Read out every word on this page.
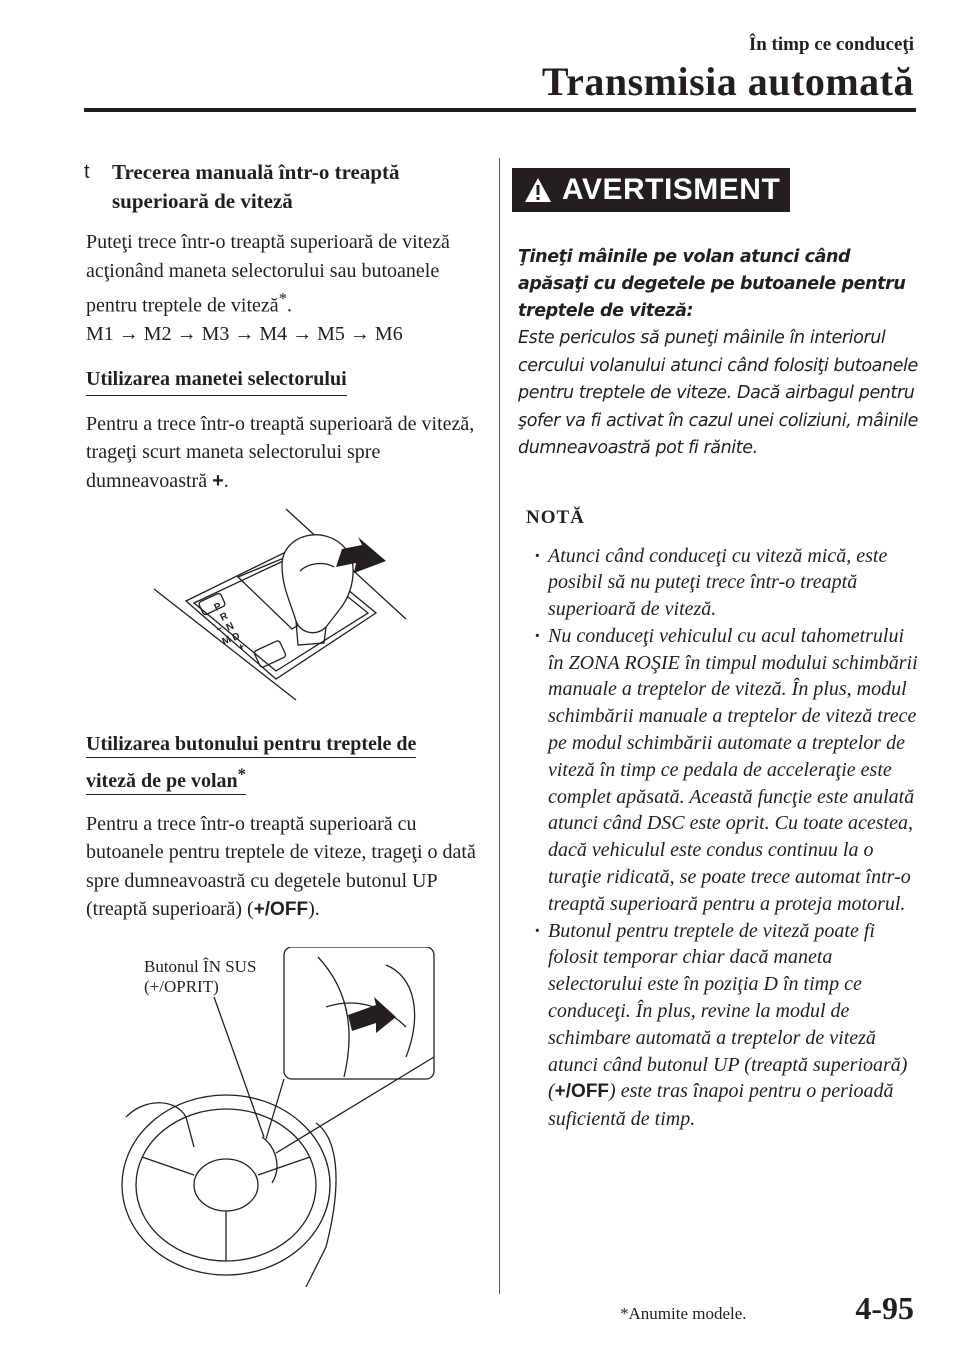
În timp ce conduceţi
Transmisia automată
t Trecerea manuală într-o treaptă superioară de viteză

Puteţi trece într-o treaptă superioară de viteză acţionând maneta selectorului sau butoanele pentru treptele de viteză*.
M1 → M2 → M3 → M4 → M5 → M6

Utilizarea manetei selectorului

Pentru a trece într-o treaptă superioară de viteză, trageţi scurt maneta selectorului spre dumneavoastră +.

P
R
N
D
M +
−
Utilizarea butonului pentru treptele de
viteză de pe volan*

Pentru a trece într-o treaptă superioară cu butoanele pentru treptele de viteze, trageţi o dată spre dumneavoastră cu degetele butonul UP (treaptă superioară) (+/OFF).

Butonul ÎN SUS
(+/OPRIT)
AVERTISMENT

Ţineţi mâinile pe volan atunci când apăsaţi cu degetele pe butoanele pentru treptele de viteză:

Este periculos să puneţi mâinile în interiorul cercului volanului atunci când folosiţi butoanele pentru treptele de viteze. Dacă airbagul pentru şofer va fi activat în cazul unei coliziuni, mâinile dumneavoastră pot fi rănite.

NOTĂ
· Atunci când conduceţi cu viteză mică, este posibil să nu puteţi trece într-o treaptă superioară de viteză.
· Nu conduceţi vehiculul cu acul tahometrului în ZONA ROŞIE în timpul modului schimbării manuale a treptelor de viteză. În plus, modul schimbării manuale a treptelor de viteză trece pe modul schimbării automate a treptelor de viteză în timp ce pedala de acceleraţie este complet apăsată. Această funcţie este anulată atunci când DSC este oprit. Cu toate acestea, dacă vehiculul este condus continuu la o turaţie ridicată, se poate trece automat într-o treaptă superioară pentru a proteja motorul.
· Butonul pentru treptele de viteză poate fi folosit temporar chiar dacă maneta selectorului este în poziţia D în timp ce conduceţi. În plus, revine la modul de schimbare automată a treptelor de viteză atunci când butonul UP (treaptă superioară) (+/OFF) este tras înapoi pentru o perioadă suficientă de timp.
*Anumite modele.	4-95
